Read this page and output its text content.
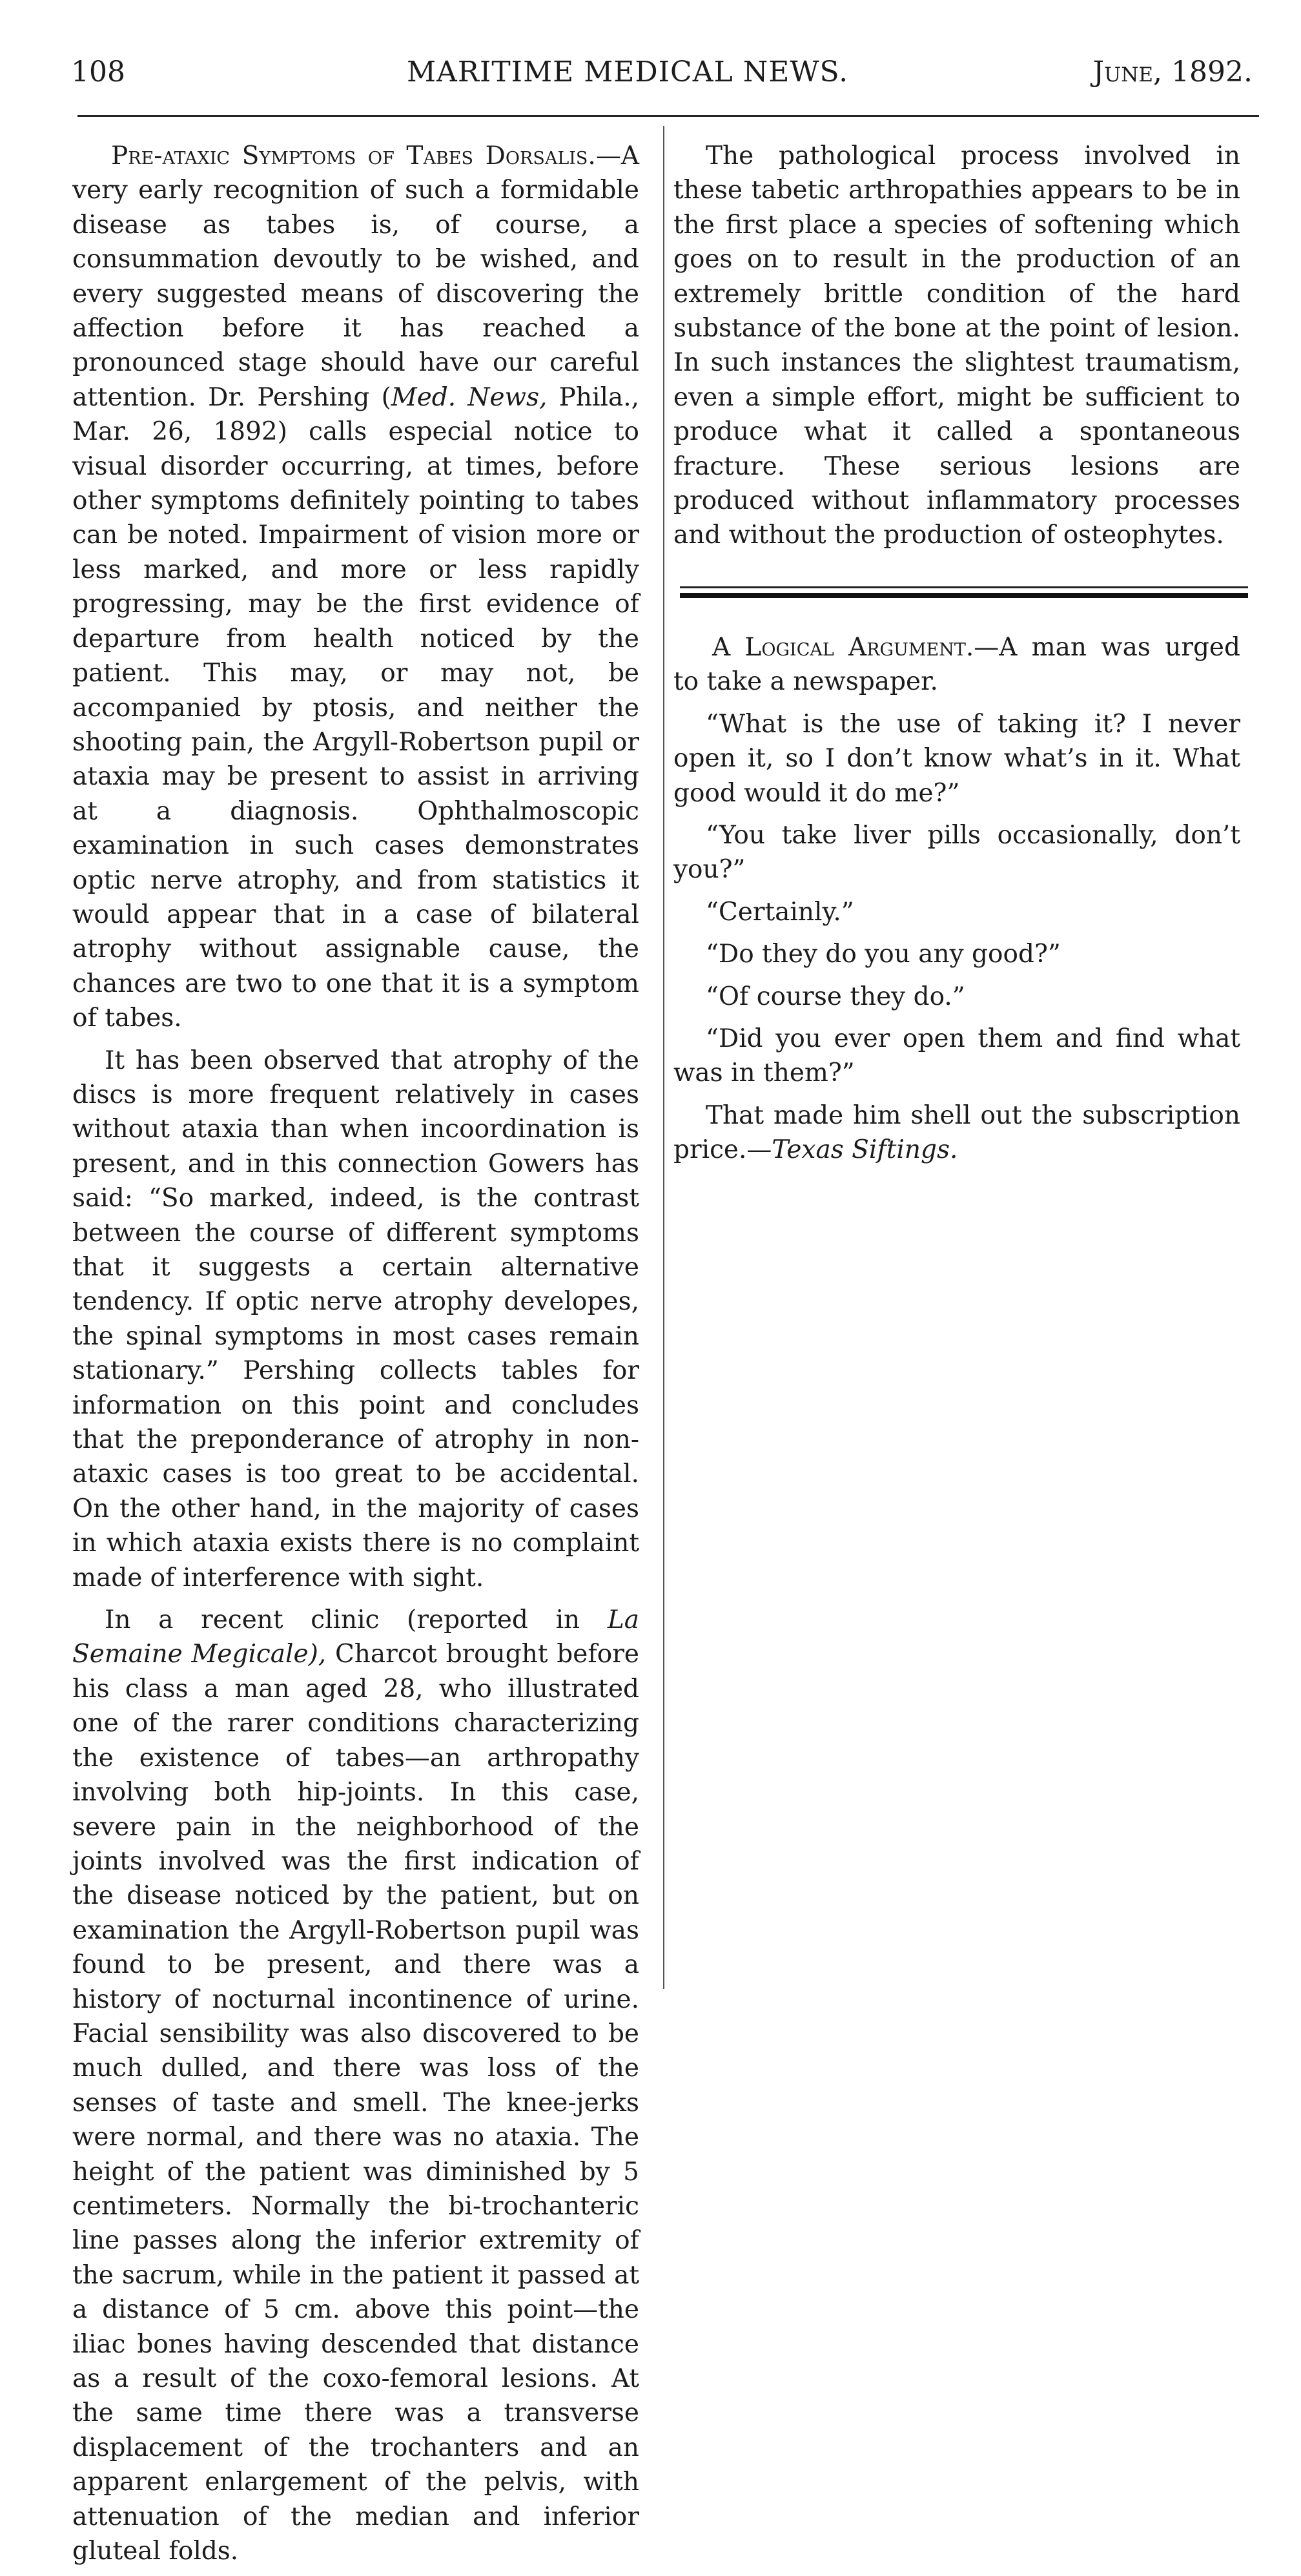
108	MARITIME MEDICAL NEWS.	June, 1892.

Pre-ataxic Symptoms of Tabes Dorsalis.—A very early recognition of such a formidable disease as tabes is, of course, a consummation devoutly to be wished, and every suggested means of discovering the affection before it has reached a pronounced stage should have our careful attention. Dr. Pershing (Med. News, Phila., Mar. 26, 1892) calls especial notice to visual disorder occurring, at times, before other symptoms definitely pointing to tabes can be noted. Impairment of vision more or less marked, and more or less rapidly progressing, may be the first evidence of departure from health noticed by the patient. This may, or may not, be accompanied by ptosis, and neither the shooting pain, the Argyll-Robertson pupil or ataxia may be present to assist in arriving at a diagnosis. Ophthalmoscopic examination in such cases demonstrates optic nerve atrophy, and from statistics it would appear that in a case of bilateral atrophy without assignable cause, the chances are two to one that it is a symptom of tabes.

It has been observed that atrophy of the discs is more frequent relatively in cases without ataxia than when incoordination is present, and in this connection Gowers has said: “So marked, indeed, is the contrast between the course of different symptoms that it suggests a certain alternative tendency. If optic nerve atrophy developes, the spinal symptoms in most cases remain stationary.” Pershing collects tables for information on this point and concludes that the preponderance of atrophy in non-ataxic cases is too great to be accidental. On the other hand, in the majority of cases in which ataxia exists there is no complaint made of interference with sight.

In a recent clinic (reported in La Semaine Megicale), Charcot brought before his class a man aged 28, who illustrated one of the rarer conditions characterizing the existence of tabes—an arthropathy involving both hip-joints. In this case, severe pain in the neighborhood of the joints involved was the first indication of the disease noticed by the patient, but on examination the Argyll-Robertson pupil was found to be present, and there was a history of nocturnal incontinence of urine. Facial sensibility was also discovered to be much dulled, and there was loss of the senses of taste and smell. The knee-jerks were normal, and there was no ataxia. The height of the patient was diminished by 5 centimeters. Normally the bi-trochanteric line passes along the inferior extremity of the sacrum, while in the patient it passed at a distance of 5 cm. above this point—the iliac bones having descended that distance as a result of the coxo-femoral lesions. At the same time there was a transverse displacement of the trochanters and an apparent enlargement of the pelvis, with attenuation of the median and inferior gluteal folds.

The pathological process involved in these tabetic arthropathies appears to be in the first place a species of softening which goes on to result in the production of an extremely brittle condition of the hard substance of the bone at the point of lesion. In such instances the slightest traumatism, even a simple effort, might be sufficient to produce what it called a spontaneous fracture. These serious lesions are produced without inflammatory processes and without the production of osteophytes.

A Logical Argument.—A man was urged to take a newspaper.

“What is the use of taking it? I never open it, so I don’t know what’s in it. What good would it do me?”

“You take liver pills occasionally, don’t you?”

“Certainly.”

“Do they do you any good?”

“Of course they do.”

“Did you ever open them and find what was in them?”

That made him shell out the subscription price.—Texas Siftings.
